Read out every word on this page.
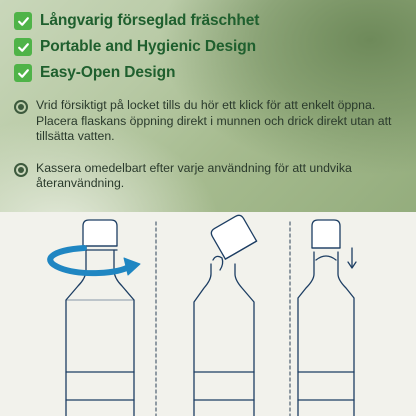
Långvarig förseglad fräschhet
Portable and Hygienic Design
Easy-Open Design
Vrid försiktigt på locket tills du hör ett klick för att enkelt öppna.
Placera flaskans öppning direkt i munnen och drick direkt utan att tillsätta vatten.
Kassera omedelbart efter varje användning för att undvika återanvändning.
